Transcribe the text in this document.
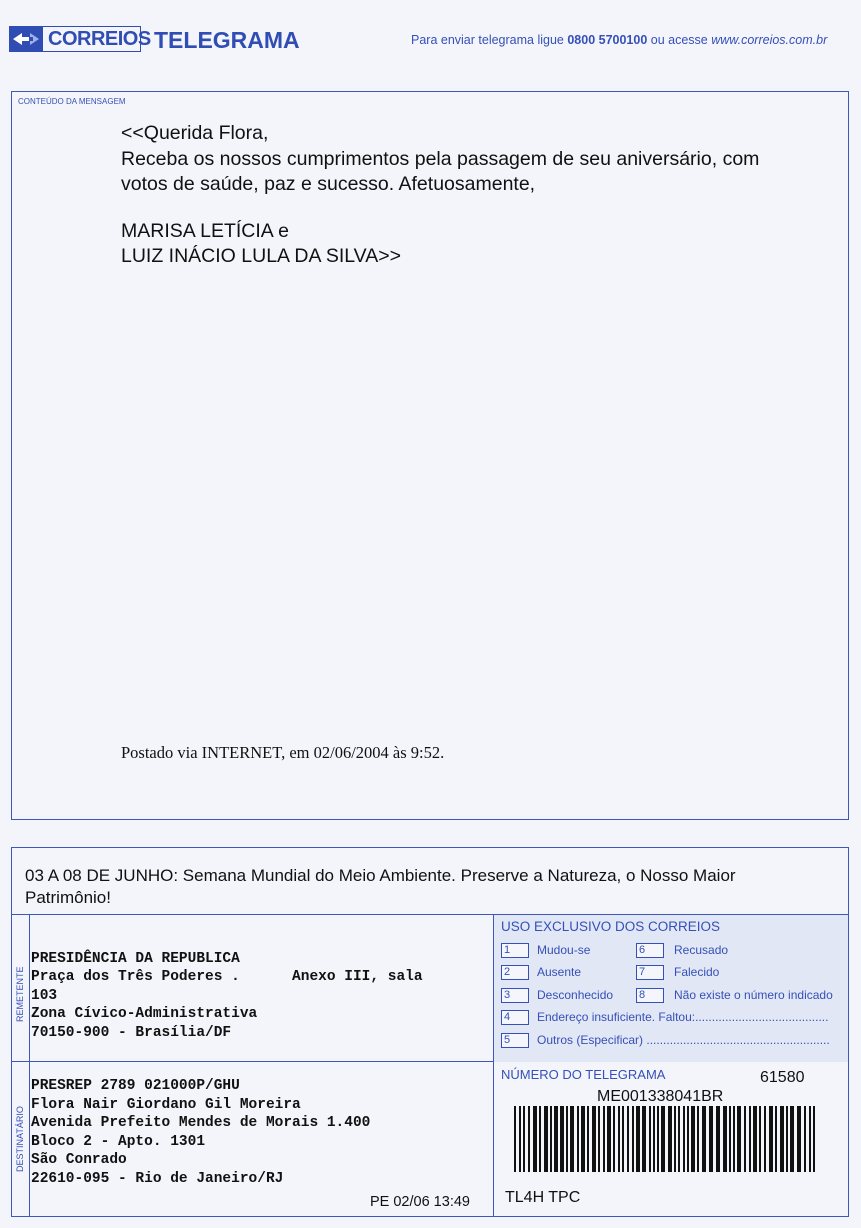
CORREIOS TELEGRAMA	Para enviar telegrama ligue 0800 5700100 ou acesse www.correios.com.br
CONTEÚDO DA MENSAGEM
<<Querida Flora,
Receba os nossos cumprimentos pela passagem de seu aniversário, com
votos de saúde, paz e sucesso. Afetuosamente,
MARISA LETÍCIA e
LUIZ INÁCIO LULA DA SILVA>>
Postado via INTERNET, em 02/06/2004 às 9:52.
03 A 08 DE JUNHO: Semana Mundial do Meio Ambiente. Preserve a Natureza, o Nosso Maior Patrimônio!
USO EXCLUSIVO DOS CORREIOS
1	Mudou-se
2	Ausente
3	Desconhecido
4	Endereço insuficiente. Faltou:........................................
5	Outros (Especificar) .......................................................
6	Recusado
7	Falecido
8	Não existe o número indicado
REMETENTE
PRESIDÊNCIA DA REPUBLICA
Praça dos Três Poderes .      Anexo III, sala
103
Zona Cívico-Administrativa
70150-900 - Brasília/DF
DESTINATÁRIO
PRESREP 2789 021000P/GHU
Flora Nair Giordano Gil Moreira
Avenida Prefeito Mendes de Morais 1.400
Bloco 2 - Apto. 1301
São Conrado
22610-095 - Rio de Janeiro/RJ
PE 02/06 13:49
NÚMERO DO TELEGRAMA	61580
ME001338041BR
TL4H TPC
